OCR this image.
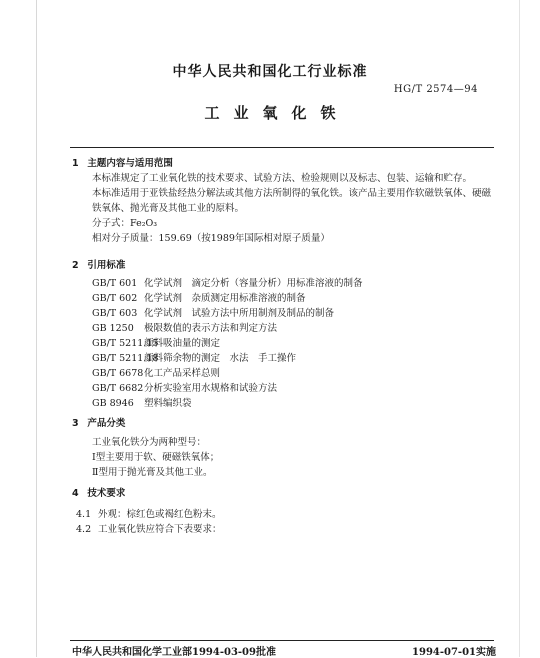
中华人民共和国化工行业标准
HG/T 2574—94
工业氧化铁
1 主题内容与适用范围
本标准规定了工业氧化铁的技术要求、试验方法、检验规则以及标志、包装、运输和贮存。
本标准适用于亚铁盐经热分解法或其他方法所制得的氧化铁。该产品主要用作软磁铁氧体、硬磁铁氧体、抛光膏及其他工业的原料。
分子式：Fe₂O₃
相对分子质量：159.69（按1989年国际相对原子质量）
2 引用标准
GB/T 601 化学试剂　滴定分析（容量分析）用标准溶液的制备
GB/T 602 化学试剂　杂质测定用标准溶液的制备
GB/T 603 化学试剂　试验方法中所用制剂及制品的制备
GB 1250 极限数值的表示方法和判定方法
GB/T 5211.15颜料吸油量的测定
GB/T 5211.18颜料筛余物的测定　水法　手工操作
GB/T 6678化工产品采样总则
GB/T 6682分析实验室用水规格和试验方法
GB 8946 塑料编织袋
3 产品分类
工业氧化铁分为两种型号：
Ⅰ型主要用于软、硬磁铁氧体；
Ⅱ型用于抛光膏及其他工业。
4 技术要求
4.1 外观：棕红色或褐红色粉末。
4.2 工业氧化铁应符合下表要求：
中华人民共和国化学工业部1994-03-09批准	1994-07-01实施
